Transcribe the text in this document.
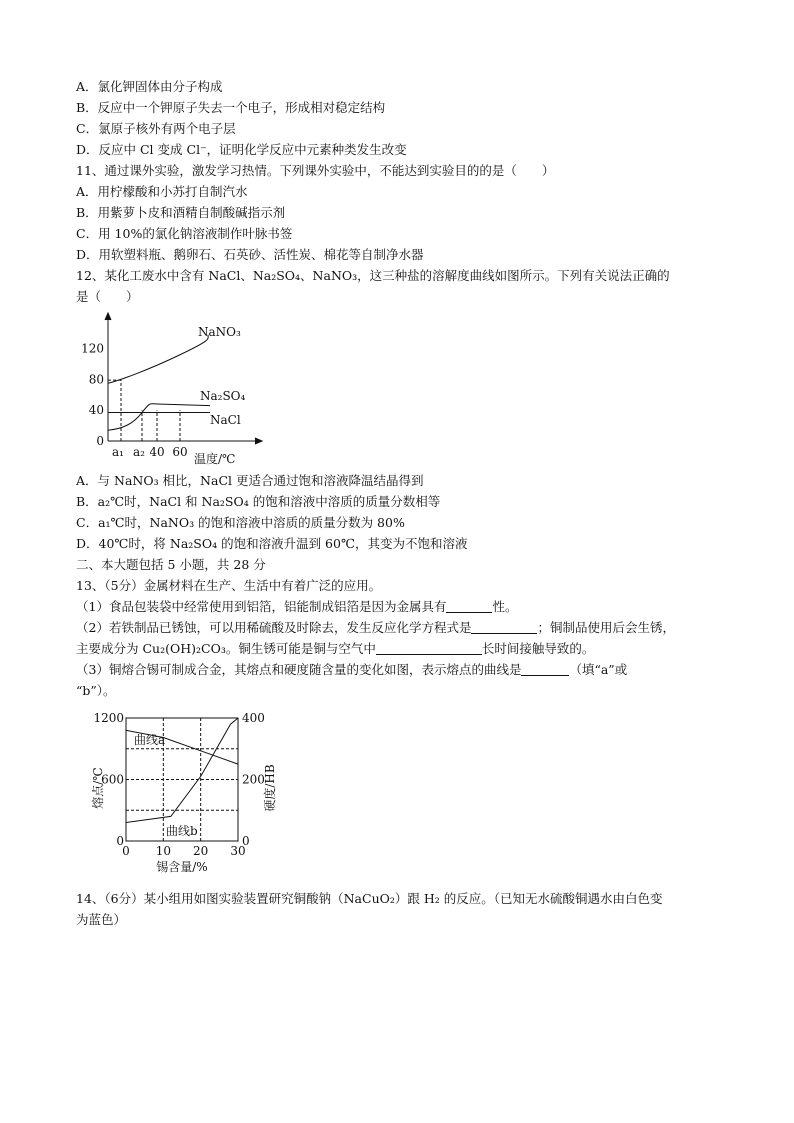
A．氯化钾固体由分子构成
B．反应中一个钾原子失去一个电子，形成相对稳定结构
C．氯原子核外有两个电子层
D．反应中 Cl 变成 Cl⁻，证明化学反应中元素种类发生改变
11、通过课外实验，激发学习热情。下列课外实验中，不能达到实验目的的是（　　）
A．用柠檬酸和小苏打自制汽水
B．用紫萝卜皮和酒精自制酸碱指示剂
C．用 10%的氯化钠溶液制作叶脉书签
D．用软塑料瓶、鹅卵石、石英砂、活性炭、棉花等自制净水器
12、某化工废水中含有 NaCl、Na₂SO₄、NaNO₃，这三种盐的溶解度曲线如图所示。下列有关说法正确的
是（　　）
0
40
80
120
a₁ a₂ 40 60 温度/℃
NaNO₃
Na₂SO₄
NaCl
A．与 NaNO₃ 相比，NaCl 更适合通过饱和溶液降温结晶得到
B．a₂℃时，NaCl 和 Na₂SO₄ 的饱和溶液中溶质的质量分数相等
C．a₁℃时，NaNO₃ 的饱和溶液中溶质的质量分数为 80%
D．40℃时，将 Na₂SO₄ 的饱和溶液升温到 60℃，其变为不饱和溶液
二、本大题包括 5 小题，共 28 分
13、（5分）金属材料在生产、生活中有着广泛的应用。
（1）食品包装袋中经常使用到铝箔，铝能制成铝箔是因为金属具有	性。
（2）若铁制品已锈蚀，可以用稀硫酸及时除去，发生反应化学方程式是	；铜制品使用后会生锈，
主要成分为 Cu₂(OH)₂CO₃。铜生锈可能是铜与空气中	长时间接触导致的。
（3）铜熔合锡可制成合金，其熔点和硬度随含量的变化如图，表示熔点的曲线是	（填“a”或
“b”）。
0 10 20 30
0
600
1200
0
200
400
锡含量/%
熔点/℃	硬度/HB
曲线a
曲线b
14、（6分）某小组用如图实验装置研究铜酸钠（NaCuO₂）跟 H₂ 的反应。（已知无水硫酸铜遇水由白色变
为蓝色）
